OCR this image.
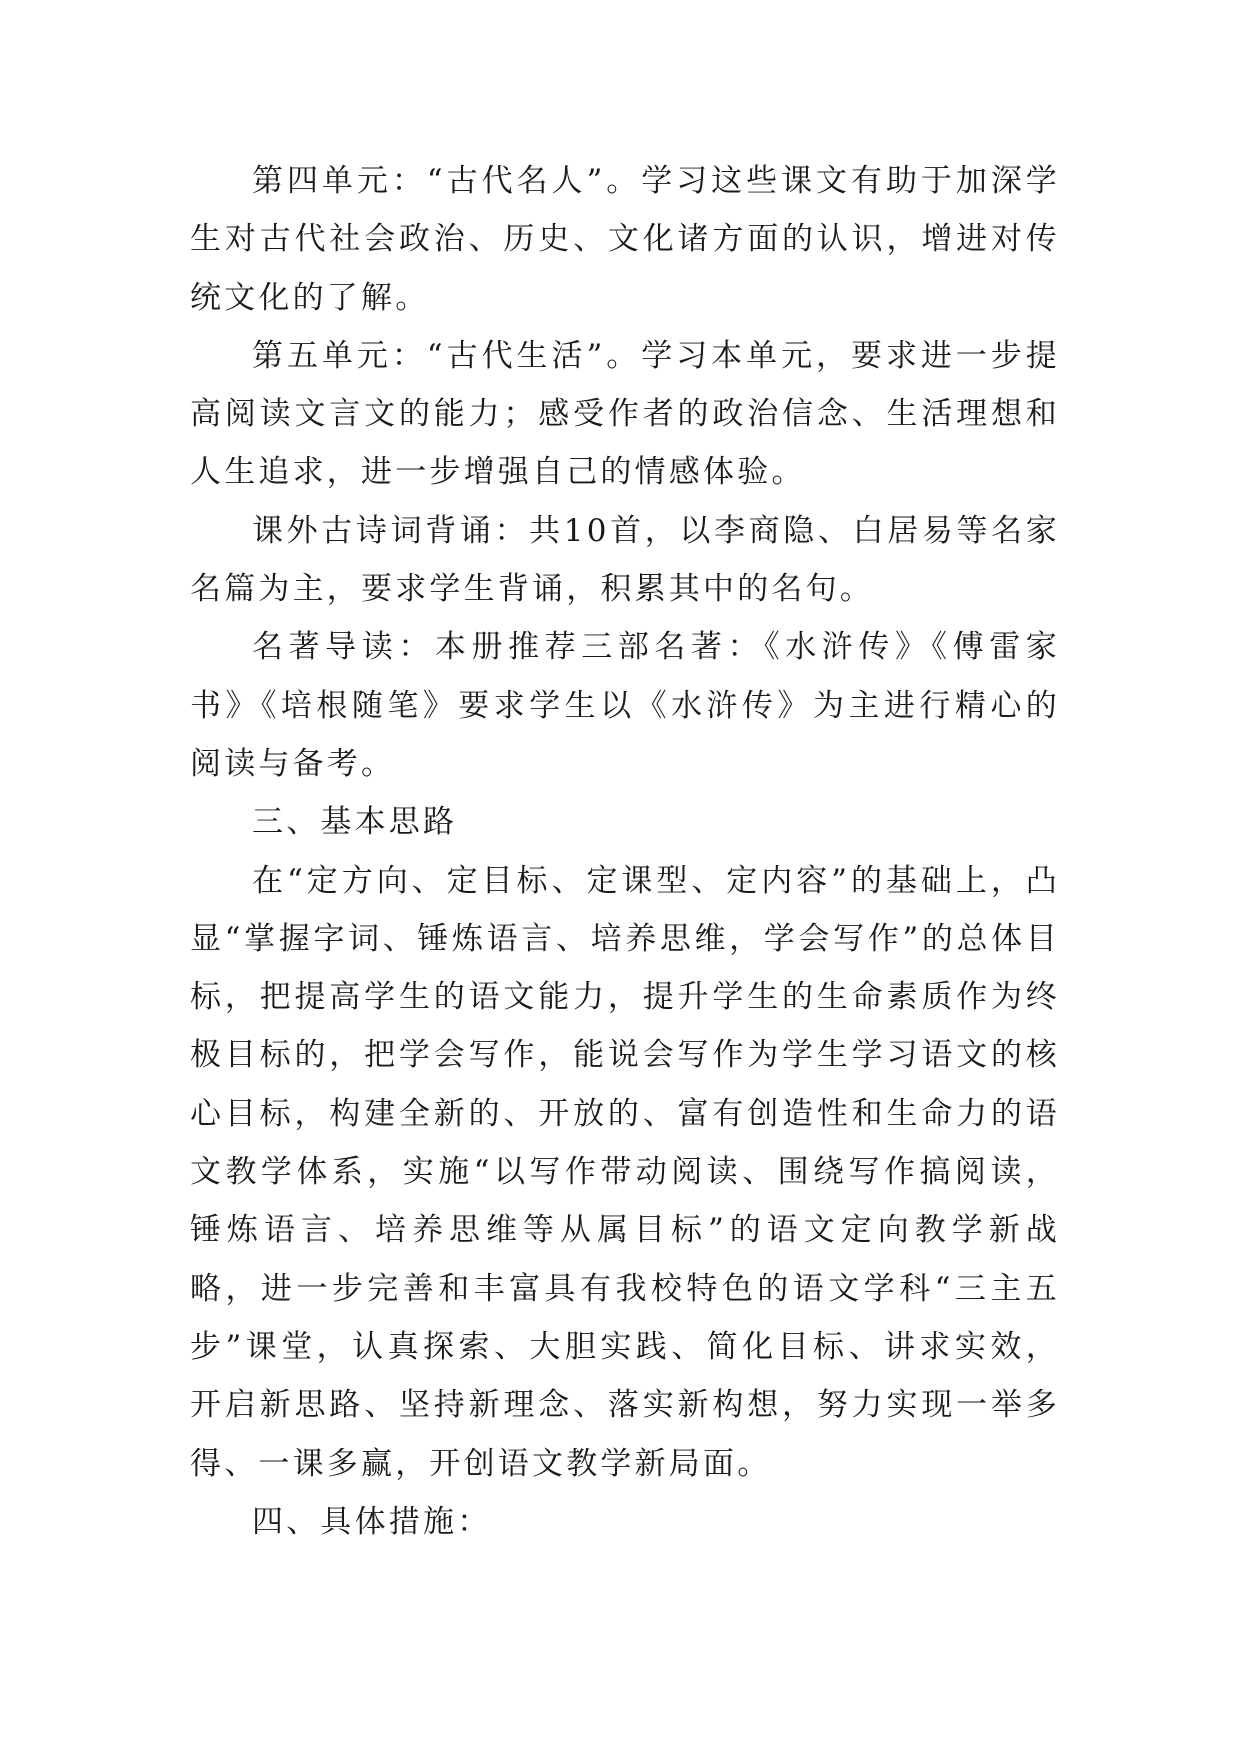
第四单元：“古代名人”。学习这些课文有助于加深学生对古代社会政治、历史、文化诸方面的认识，增进对传统文化的了解。

第五单元：“古代生活”。学习本单元，要求进一步提高阅读文言文的能力；感受作者的政治信念、生活理想和人生追求，进一步增强自己的情感体验。

课外古诗词背诵：共10首，以李商隐、白居易等名家名篇为主，要求学生背诵，积累其中的名句。

名著导读：本册推荐三部名著：《水浒传》《傅雷家书》《培根随笔》要求学生以《水浒传》为主进行精心的阅读与备考。

三、基本思路

在“定方向、定目标、定课型、定内容”的基础上，凸显“掌握字词、锤炼语言、培养思维，学会写作”的总体目标，把提高学生的语文能力，提升学生的生命素质作为终极目标的，把学会写作，能说会写作为学生学习语文的核心目标，构建全新的、开放的、富有创造性和生命力的语文教学体系，实施“以写作带动阅读、围绕写作搞阅读，锤炼语言、培养思维等从属目标”的语文定向教学新战略，进一步完善和丰富具有我校特色的语文学科“三主五步”课堂，认真探索、大胆实践、简化目标、讲求实效，开启新思路、坚持新理念、落实新构想，努力实现一举多得、一课多赢，开创语文教学新局面。

四、具体措施：
